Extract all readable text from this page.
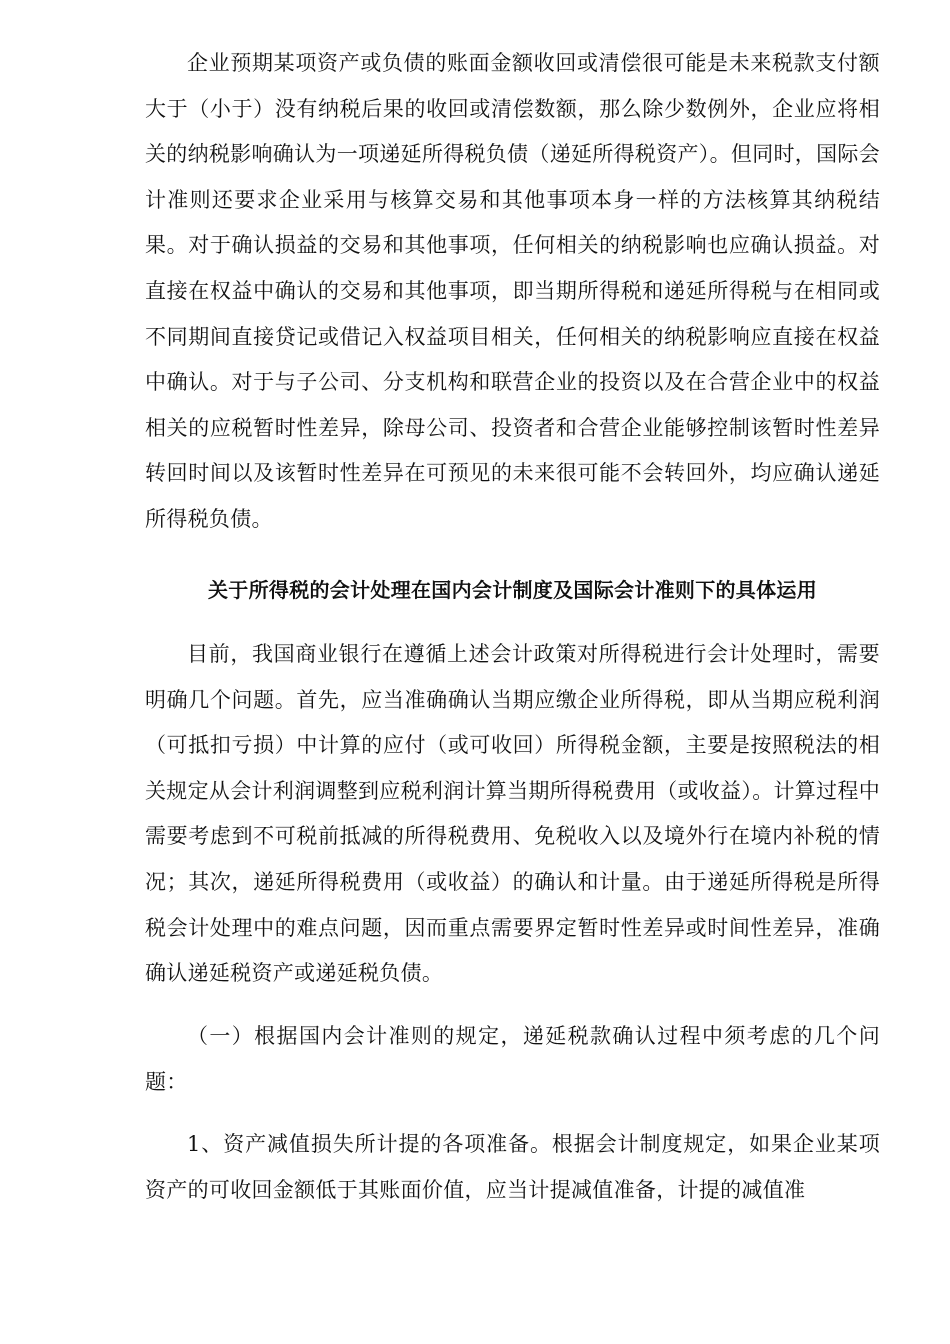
企业预期某项资产或负债的账面金额收回或清偿很可能是未来税款支付额大于（小于）没有纳税后果的收回或清偿数额，那么除少数例外，企业应将相关的纳税影响确认为一项递延所得税负债（递延所得税资产）。但同时，国际会计准则还要求企业采用与核算交易和其他事项本身一样的方法核算其纳税结果。对于确认损益的交易和其他事项，任何相关的纳税影响也应确认损益。对直接在权益中确认的交易和其他事项，即当期所得税和递延所得税与在相同或不同期间直接贷记或借记入权益项目相关，任何相关的纳税影响应直接在权益中确认。对于与子公司、分支机构和联营企业的投资以及在合营企业中的权益相关的应税暂时性差异，除母公司、投资者和合营企业能够控制该暂时性差异转回时间以及该暂时性差异在可预见的未来很可能不会转回外，均应确认递延所得税负债。

关于所得税的会计处理在国内会计制度及国际会计准则下的具体运用

目前，我国商业银行在遵循上述会计政策对所得税进行会计处理时，需要明确几个问题。首先，应当准确确认当期应缴企业所得税，即从当期应税利润（可抵扣亏损）中计算的应付（或可收回）所得税金额，主要是按照税法的相关规定从会计利润调整到应税利润计算当期所得税费用（或收益）。计算过程中需要考虑到不可税前抵减的所得税费用、免税收入以及境外行在境内补税的情况；其次，递延所得税费用（或收益）的确认和计量。由于递延所得税是所得税会计处理中的难点问题，因而重点需要界定暂时性差异或时间性差异，准确确认递延税资产或递延税负债。

（一）根据国内会计准则的规定，递延税款确认过程中须考虑的几个问题：

1、资产减值损失所计提的各项准备。根据会计制度规定，如果企业某项资产的可收回金额低于其账面价值，应当计提减值准备，计提的减值准
